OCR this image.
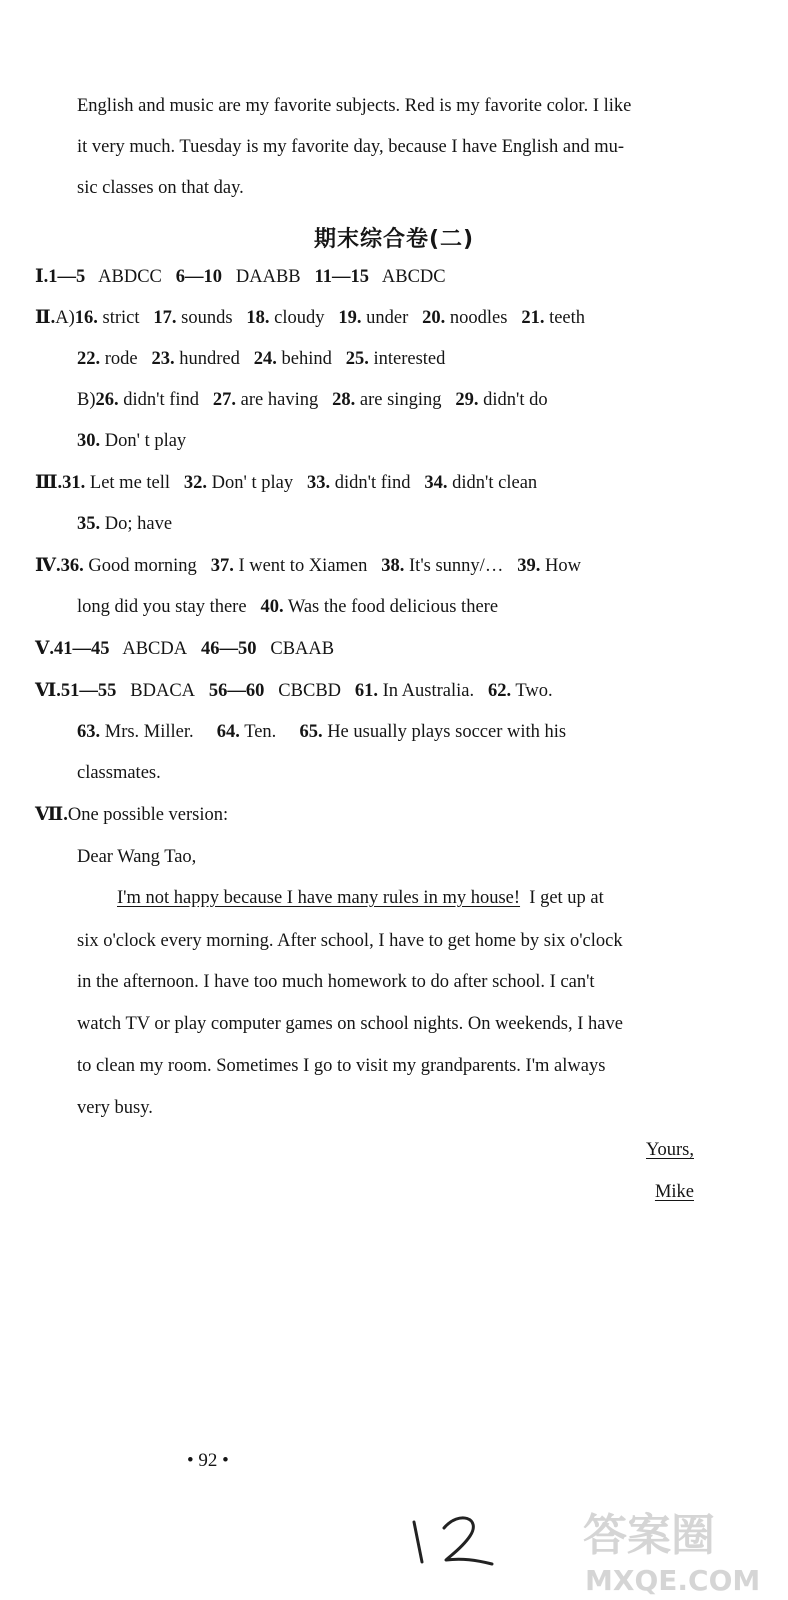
English and music are my favorite subjects. Red is my favorite color. I like
it very much. Tuesday is my favorite day, because I have English and mu-
sic classes on that day.
期末综合卷(二)
Ⅰ.1—5 ABDCC 6—10 DAABB 11—15 ABCDC
Ⅱ.A)16. strict 17. sounds 18. cloudy 19. under 20. noodles 21. teeth
22. rode 23. hundred 24. behind 25. interested
B)26. didn't find 27. are having 28. are singing 29. didn't do
30. Don' t play
Ⅲ.31. Let me tell 32. Don' t play 33. didn't find 34. didn't clean
35. Do; have
Ⅳ.36. Good morning 37. I went to Xiamen 38. It's sunny/… 39. How
long did you stay there 40. Was the food delicious there
Ⅴ.41—45 ABCDA 46—50 CBAAB
Ⅵ.51—55 BDACA 56—60 CBCBD 61. In Australia. 62. Two.
63. Mrs. Miller. 64. Ten. 65. He usually plays soccer with his
classmates.
Ⅶ.One possible version:
Dear Wang Tao,
I'm not happy because I have many rules in my house! I get up at
six o'clock every morning. After school, I have to get home by six o'clock
in the afternoon. I have too much homework to do after school. I can't
watch TV or play computer games on school nights. On weekends, I have
to clean my room. Sometimes I go to visit my grandparents. I'm always
very busy.
Yours,
Mike
• 92 •
答案圈
MXQE.COM
